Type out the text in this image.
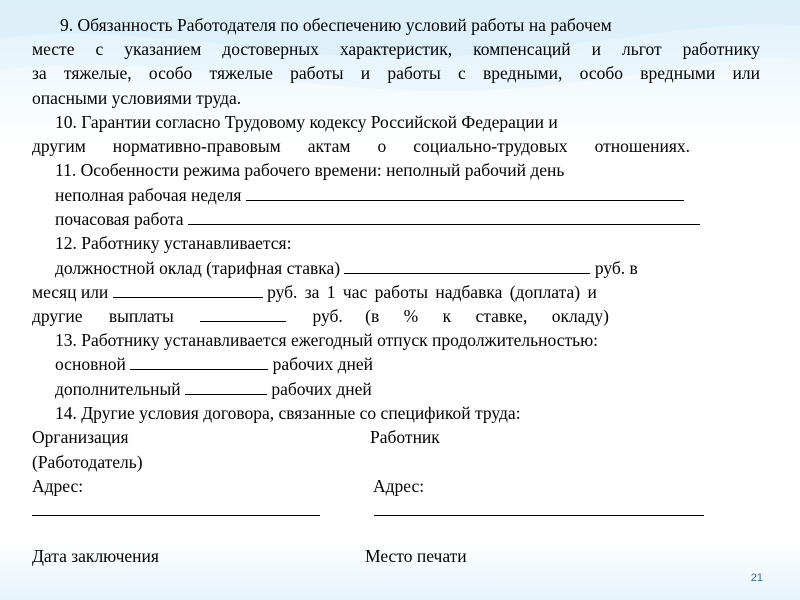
9. Обязанность Работодателя по обеспечению условий работы на рабочем
месте с указанием достоверных характеристик, компенсаций и льгот работнику
за тяжелые, особо тяжелые работы и работы с вредными, особо вредными или
опасными условиями труда.
10. Гарантии согласно Трудовому кодексу Российской Федерации и
другим нормативно-правовым актам о социально-трудовых отношениях.
11. Особенности режима рабочего времени: неполный рабочий день
неполная рабочая неделя
почасовая работа
12. Работнику устанавливается:
должностной оклад (тарифная ставка)	руб. в
месяц или	руб. за 1 час работы надбавка (доплата) и
другие выплаты	руб. (в % к ставке, окладу)
13. Работнику устанавливается ежегодный отпуск продолжительностью:
основной	рабочих дней
дополнительный	рабочих дней
14. Другие условия договора, связанные со спецификой труда:
Организация	Работник
(Работодатель)
Адрес:	Адрес:
Дата заключения	Место печати
21
